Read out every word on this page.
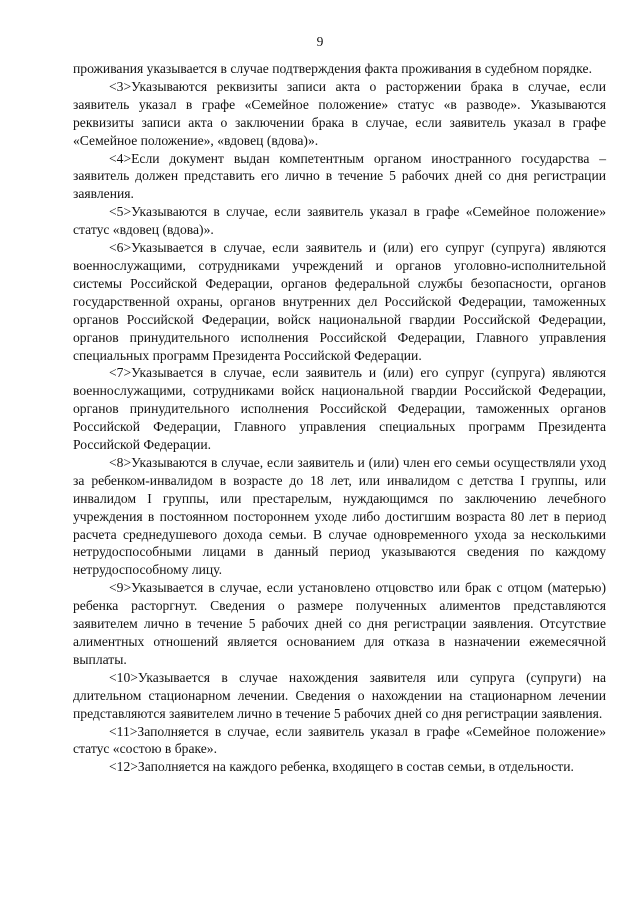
9

проживания указывается в случае подтверждения факта проживания в судебном порядке.

<3>Указываются реквизиты записи акта о расторжении брака в случае, если заявитель указал в графе «Семейное положение» статус «в разводе». Указываются реквизиты записи акта о заключении брака в случае, если заявитель указал в графе «Семейное положение», «вдовец (вдова)».

<4>Если документ выдан компетентным органом иностранного государства – заявитель должен представить его лично в течение 5 рабочих дней со дня регистрации заявления.

<5>Указываются в случае, если заявитель указал в графе «Семейное положение» статус «вдовец (вдова)».

<6>Указывается в случае, если заявитель и (или) его супруг (супруга) являются военнослужащими, сотрудниками учреждений и органов уголовно-исполнительной системы Российской Федерации, органов федеральной службы безопасности, органов государственной охраны, органов внутренних дел Российской Федерации, таможенных органов Российской Федерации, войск национальной гвардии Российской Федерации, органов принудительного исполнения Российской Федерации, Главного управления специальных программ Президента Российской Федерации.

<7>Указывается в случае, если заявитель и (или) его супруг (супруга) являются военнослужащими, сотрудниками войск национальной гвардии Российской Федерации, органов принудительного исполнения Российской Федерации, таможенных органов Российской Федерации, Главного управления специальных программ Президента Российской Федерации.

<8>Указываются в случае, если заявитель и (или) член его семьи осуществляли уход за ребенком-инвалидом в возрасте до 18 лет, или инвалидом с детства I группы, или инвалидом I группы, или престарелым, нуждающимся по заключению лечебного учреждения в постоянном постороннем уходе либо достигшим возраста 80 лет в период расчета среднедушевого дохода семьи. В случае одновременного ухода за несколькими нетрудоспособными лицами в данный период указываются сведения по каждому нетрудоспособному лицу.

<9>Указывается в случае, если установлено отцовство или брак с отцом (матерью) ребенка расторгнут. Сведения о размере полученных алиментов представляются заявителем лично в течение 5 рабочих дней со дня регистрации заявления. Отсутствие алиментных отношений является основанием для отказа в назначении ежемесячной выплаты.

<10>Указывается в случае нахождения заявителя или супруга (супруги) на длительном стационарном лечении. Сведения о нахождении на стационарном лечении представляются заявителем лично в течение 5 рабочих дней со дня регистрации заявления.

<11>Заполняется в случае, если заявитель указал в графе «Семейное положение» статус «состою в браке».

<12>Заполняется на каждого ребенка, входящего в состав семьи, в отдельности.
